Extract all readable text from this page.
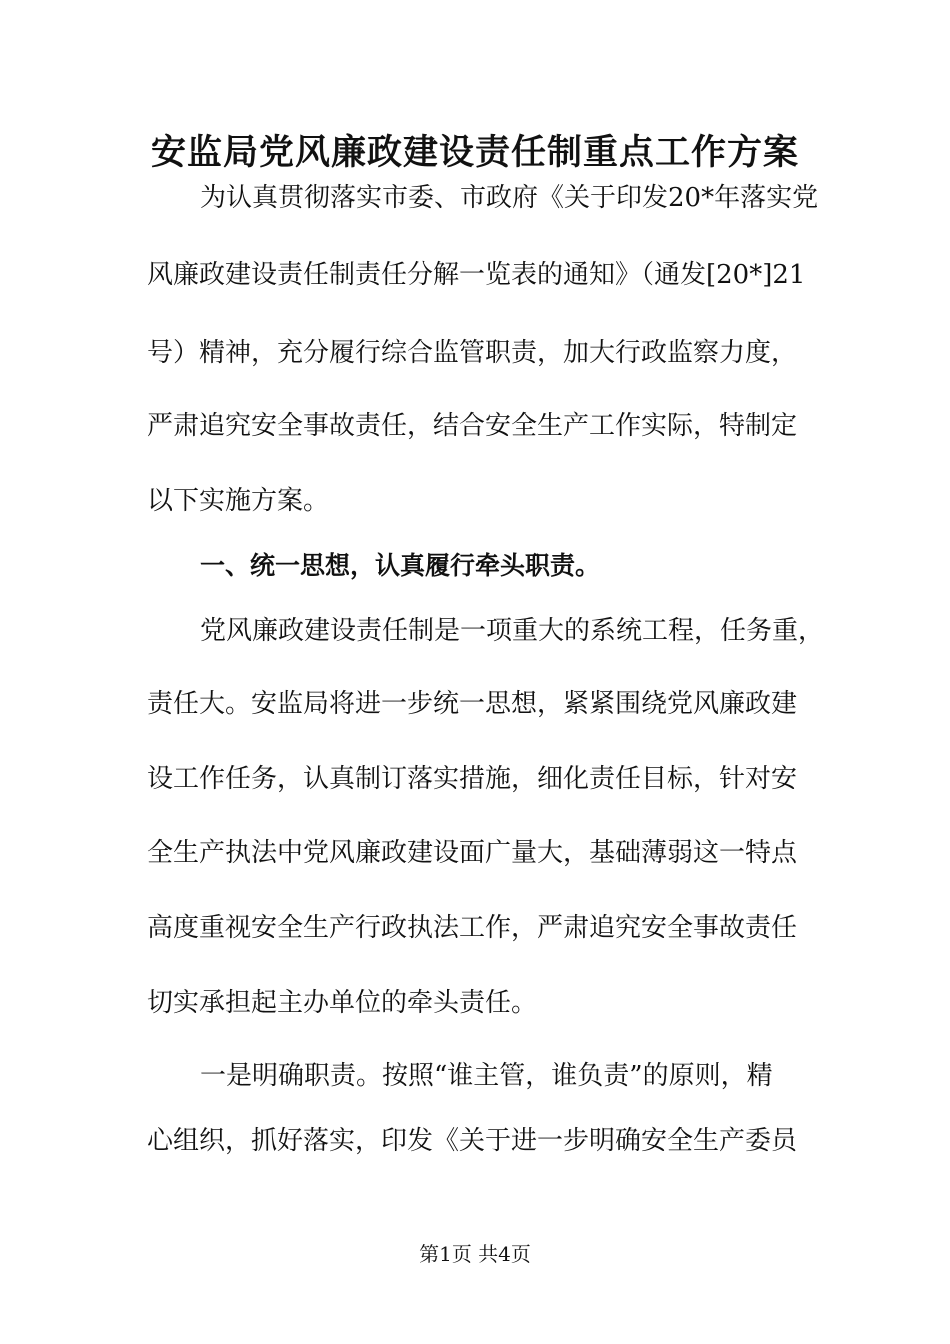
安监局党风廉政建设责任制重点工作方案

为认真贯彻落实市委、市政府《关于印发20*年落实党

风廉政建设责任制责任分解一览表的通知》（通发[20*]21

号）精神，充分履行综合监管职责，加大行政监察力度，

严肃追究安全事故责任，结合安全生产工作实际，特制定

以下实施方案。

一、统一思想，认真履行牵头职责。

党风廉政建设责任制是一项重大的系统工程，任务重，

责任大。安监局将进一步统一思想，紧紧围绕党风廉政建

设工作任务，认真制订落实措施，细化责任目标，针对安

全生产执法中党风廉政建设面广量大，基础薄弱这一特点

高度重视安全生产行政执法工作，严肃追究安全事故责任

切实承担起主办单位的牵头责任。

一是明确职责。按照“谁主管，谁负责”的原则，精

心组织，抓好落实，印发《关于进一步明确安全生产委员

第1页 共4页
